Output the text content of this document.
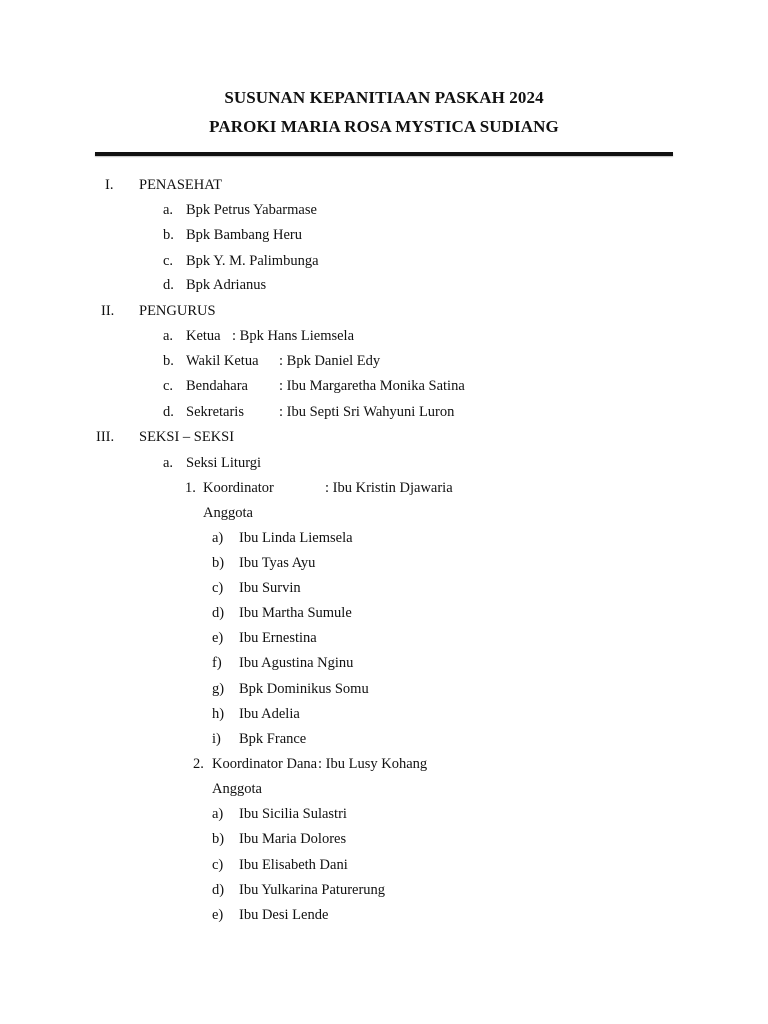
SUSUNAN KEPANITIAAN PASKAH 2024
PAROKI MARIA ROSA MYSTICA SUDIANG
I. PENASEHAT
a. Bpk Petrus Yabarmase
b. Bpk Bambang Heru
c. Bpk Y. M. Palimbunga
d. Bpk Adrianus
II. PENGURUS
a. Ketua : Bpk Hans Liemsela
b. Wakil Ketua : Bpk Daniel Edy
c. Bendahara : Ibu Margaretha Monika Satina
d. Sekretaris : Ibu Septi Sri Wahyuni Luron
III. SEKSI – SEKSI
a. Seksi Liturgi
1. Koordinator	: Ibu Kristin Djawaria
Anggota
a) Ibu Linda Liemsela
b) Ibu Tyas Ayu
c) Ibu Survin
d) Ibu Martha Sumule
e) Ibu Ernestina
f) Ibu Agustina Nginu
g) Bpk Dominikus Somu
h) Ibu Adelia
i) Bpk France
2. Koordinator Dana : Ibu Lusy Kohang
Anggota
a) Ibu Sicilia Sulastri
b) Ibu Maria Dolores
c) Ibu Elisabeth Dani
d) Ibu Yulkarina Paturerung
e) Ibu Desi Lende
